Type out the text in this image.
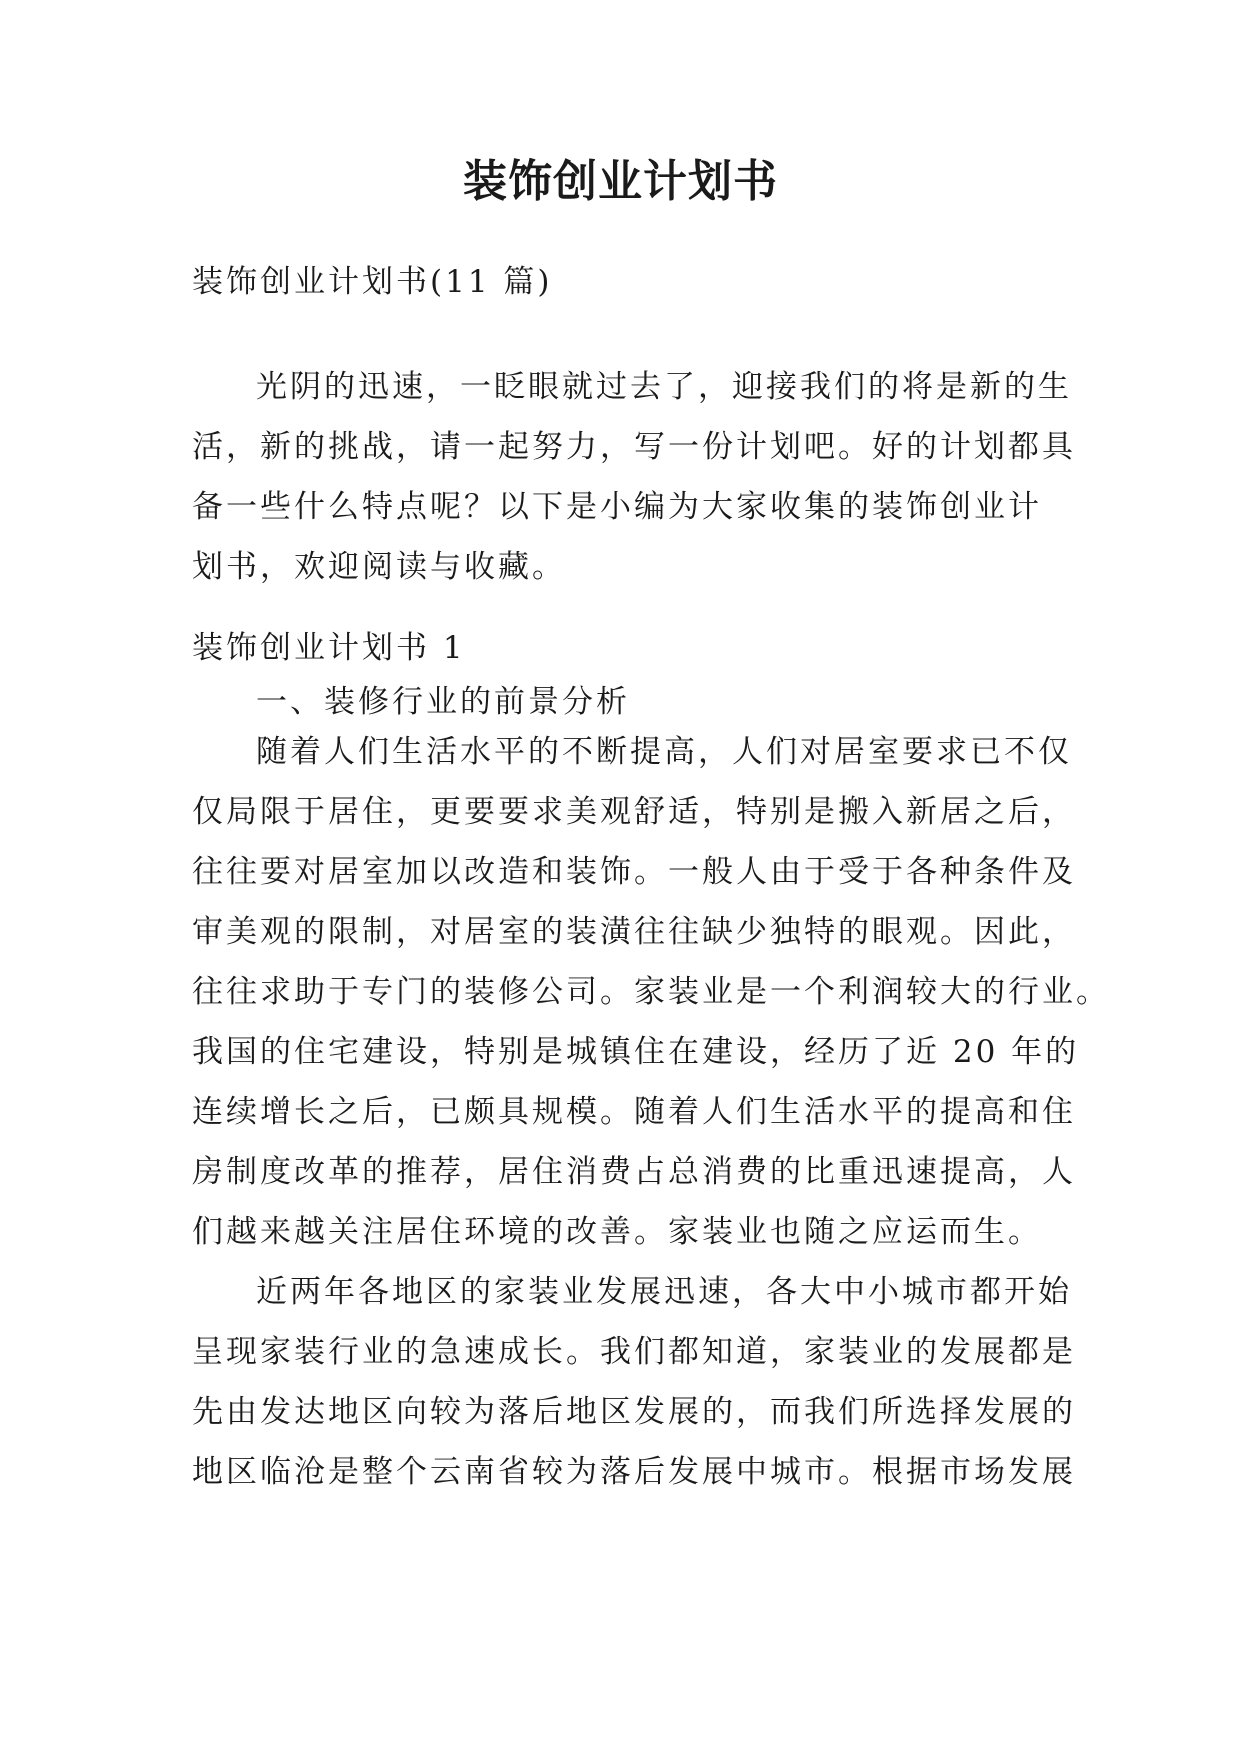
装饰创业计划书

装饰创业计划书(11 篇)

光阴的迅速，一眨眼就过去了，迎接我们的将是新的生
活，新的挑战，请一起努力，写一份计划吧。好的计划都具
备一些什么特点呢？以下是小编为大家收集的装饰创业计
划书，欢迎阅读与收藏。

装饰创业计划书 1

一、装修行业的前景分析

随着人们生活水平的不断提高，人们对居室要求已不仅
仅局限于居住，更要要求美观舒适，特别是搬入新居之后，
往往要对居室加以改造和装饰。一般人由于受于各种条件及
审美观的限制，对居室的装潢往往缺少独特的眼观。因此，
往往求助于专门的装修公司。家装业是一个利润较大的行业。
我国的住宅建设，特别是城镇住在建设，经历了近 20 年的
连续增长之后，已颇具规模。随着人们生活水平的提高和住
房制度改革的推荐，居住消费占总消费的比重迅速提高，人
们越来越关注居住环境的改善。家装业也随之应运而生。
近两年各地区的家装业发展迅速，各大中小城市都开始
呈现家装行业的急速成长。我们都知道，家装业的发展都是
先由发达地区向较为落后地区发展的，而我们所选择发展的
地区临沧是整个云南省较为落后发展中城市。根据市场发展
